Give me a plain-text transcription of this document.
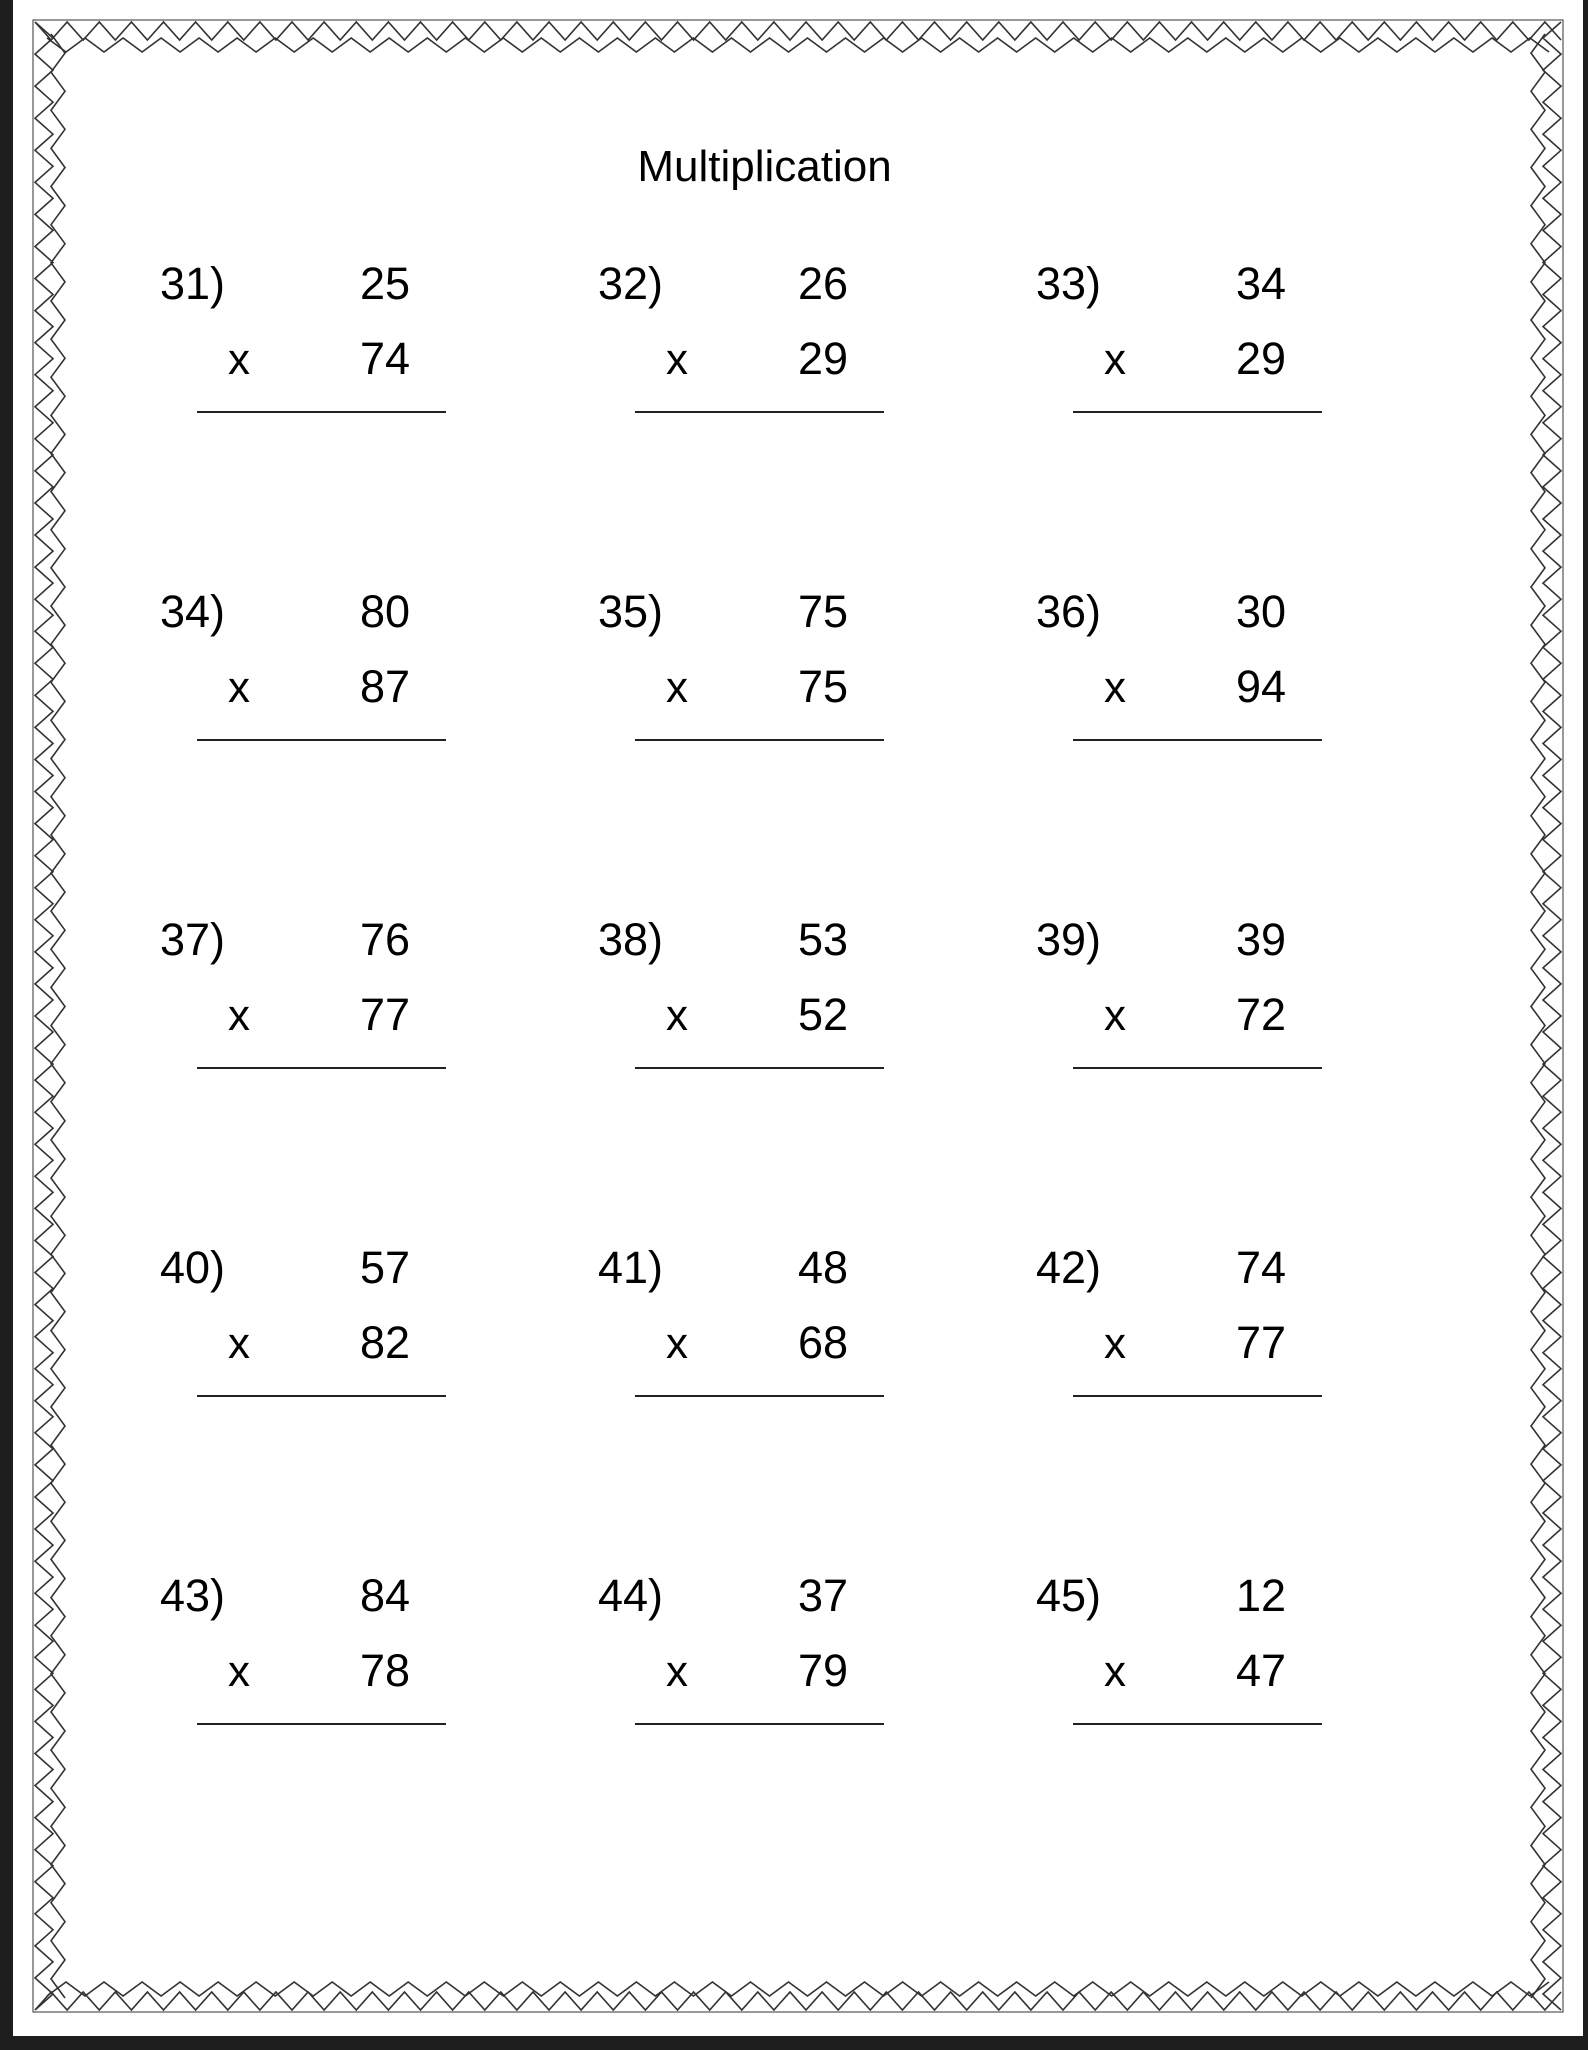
Multiplication
31)	25
x 74
32)	26
x 29
33)	34
x 29
34)	80
x 87
35)	75
x 75
36)	30
x 94
37)	76
x 77
38)	53
x 52
39)	39
x 72
40)	57
x 82
41)	48
x 68
42)	74
x 77
43)	84
x 78
44)	37
x 79
45)	12
x 47
